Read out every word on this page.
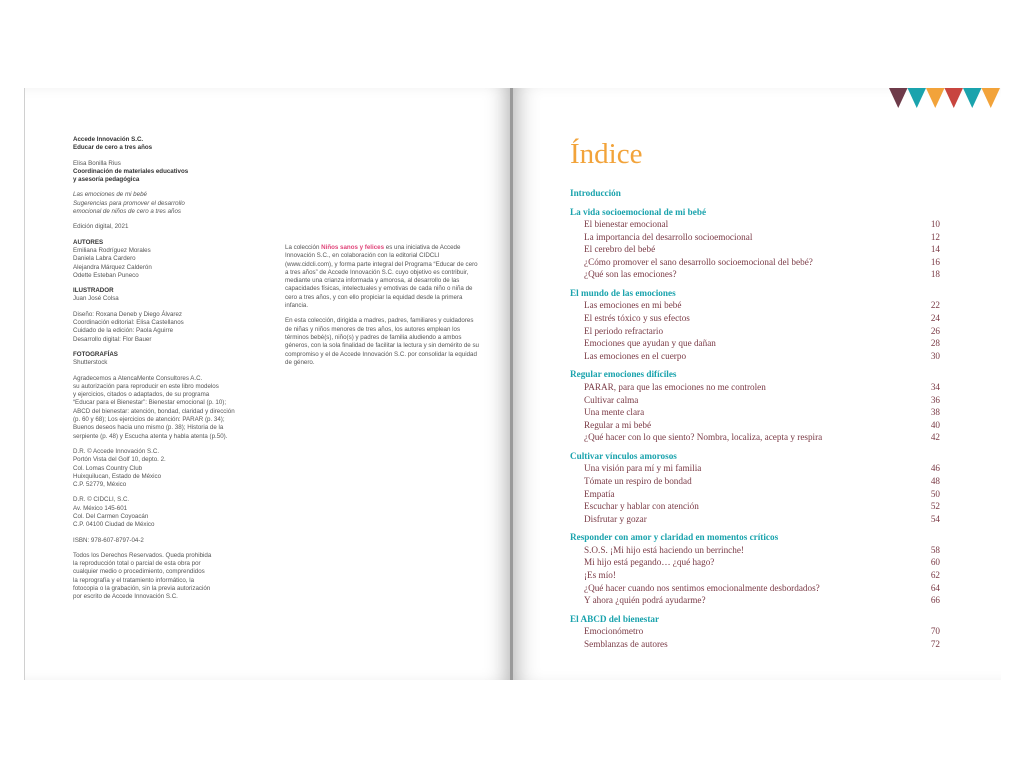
Accede Innovación S.C.
Educar de cero a tres años
Elisa Bonilla Rius
Coordinación de materiales educativos
y asesoría pedagógica
Las emociones de mi bebé
Sugerencias para promover el desarrollo
emocional de niños de cero a tres años
Edición digital, 2021
AUTORES
Emiliana Rodríguez Morales
Daniela Labra Cardero
Alejandra Márquez Calderón
Odette Esteban Puneco
ILUSTRADOR
Juan José Colsa
Diseño: Roxana Deneb y Diego Álvarez
Coordinación editorial: Elisa Castellanos
Cuidado de la edición: Paola Aguirre
Desarrollo digital: Flor Bauer
FOTOGRAFÍAS
Shutterstock
Agradecemos a AtencaMente Consultores A.C.
su autorización para reproducir en este libro modelos
y ejercicios, citados o adaptados, de su programa
“Educar para el Bienestar”: Bienestar emocional (p. 10);
ABCD del bienestar: atención, bondad, claridad y dirección
(p. 60 y 68); Los ejercicios de atención: PARAR (p. 34);
Buenos deseos hacia uno mismo (p. 38); Historia de la
serpiente (p. 48) y Escucha atenta y habla atenta (p.50).
D.R. © Accede Innovación S.C.
Portón Vista del Golf 10, depto. 2.
Col. Lomas Country Club
Huixquilucan, Estado de México
C.P. 52779, México
D.R. © CIDCLI, S.C.
Av. México 145-601
Col. Del Carmen Coyoacán
C.P. 04100 Ciudad de México
ISBN: 978-607-8797-04-2
Todos los Derechos Reservados. Queda prohibida
la reproducción total o parcial de esta obra por
cualquier medio o procedimiento, comprendidos
la reprografía y el tratamiento informático, la
fotocopia o la grabación, sin la previa autorización
por escrito de Accede Innovación S.C.
La colección Niños sanos y felices es una iniciativa de Accede Innovación S.C., en colaboración con la editorial CIDCLI (www.cidcli.com), y forma parte integral del Programa “Educar de cero a tres años” de Accede Innovación S.C. cuyo objetivo es contribuir, mediante una crianza informada y amorosa, al desarrollo de las capacidades físicas, intelectuales y emotivas de cada niño o niña de cero a tres años, y con ello propiciar la equidad desde la primera infancia.
En esta colección, dirigida a madres, padres, familiares y cuidadores de niñas y niños menores de tres años, los autores emplean los términos bebé(s), niño(s) y padres de familia aludiendo a ambos géneros, con la sola finalidad de facilitar la lectura y sin demérito de su compromiso y el de Accede Innovación S.C. por consolidar la equidad de género.
Índice
Introducción
La vida socioemocional de mi bebé
El bienestar emocional	10
La importancia del desarrollo socioemocional	12
El cerebro del bebé	14
¿Cómo promover el sano desarrollo socioemocional del bebé?	16
¿Qué son las emociones?	18
El mundo de las emociones
Las emociones en mi bebé	22
El estrés tóxico y sus efectos	24
El periodo refractario	26
Emociones que ayudan y que dañan	28
Las emociones en el cuerpo	30
Regular emociones difíciles
PARAR, para que las emociones no me controlen	34
Cultivar calma	36
Una mente clara	38
Regular a mi bebé	40
¿Qué hacer con lo que siento? Nombra, localiza, acepta y respira	42
Cultivar vínculos amorosos
Una visión para mí y mi familia	46
Tómate un respiro de bondad	48
Empatía	50
Escuchar y hablar con atención	52
Disfrutar y gozar	54
Responder con amor y claridad en momentos críticos
S.O.S. ¡Mi hijo está haciendo un berrinche!	58
Mi hijo está pegando… ¿qué hago?	60
¡Es mío!	62
¿Qué hacer cuando nos sentimos emocionalmente desbordados?	64
Y ahora ¿quién podrá ayudarme?	66
El ABCD del bienestar
Emocionómetro	70
Semblanzas de autores	72
